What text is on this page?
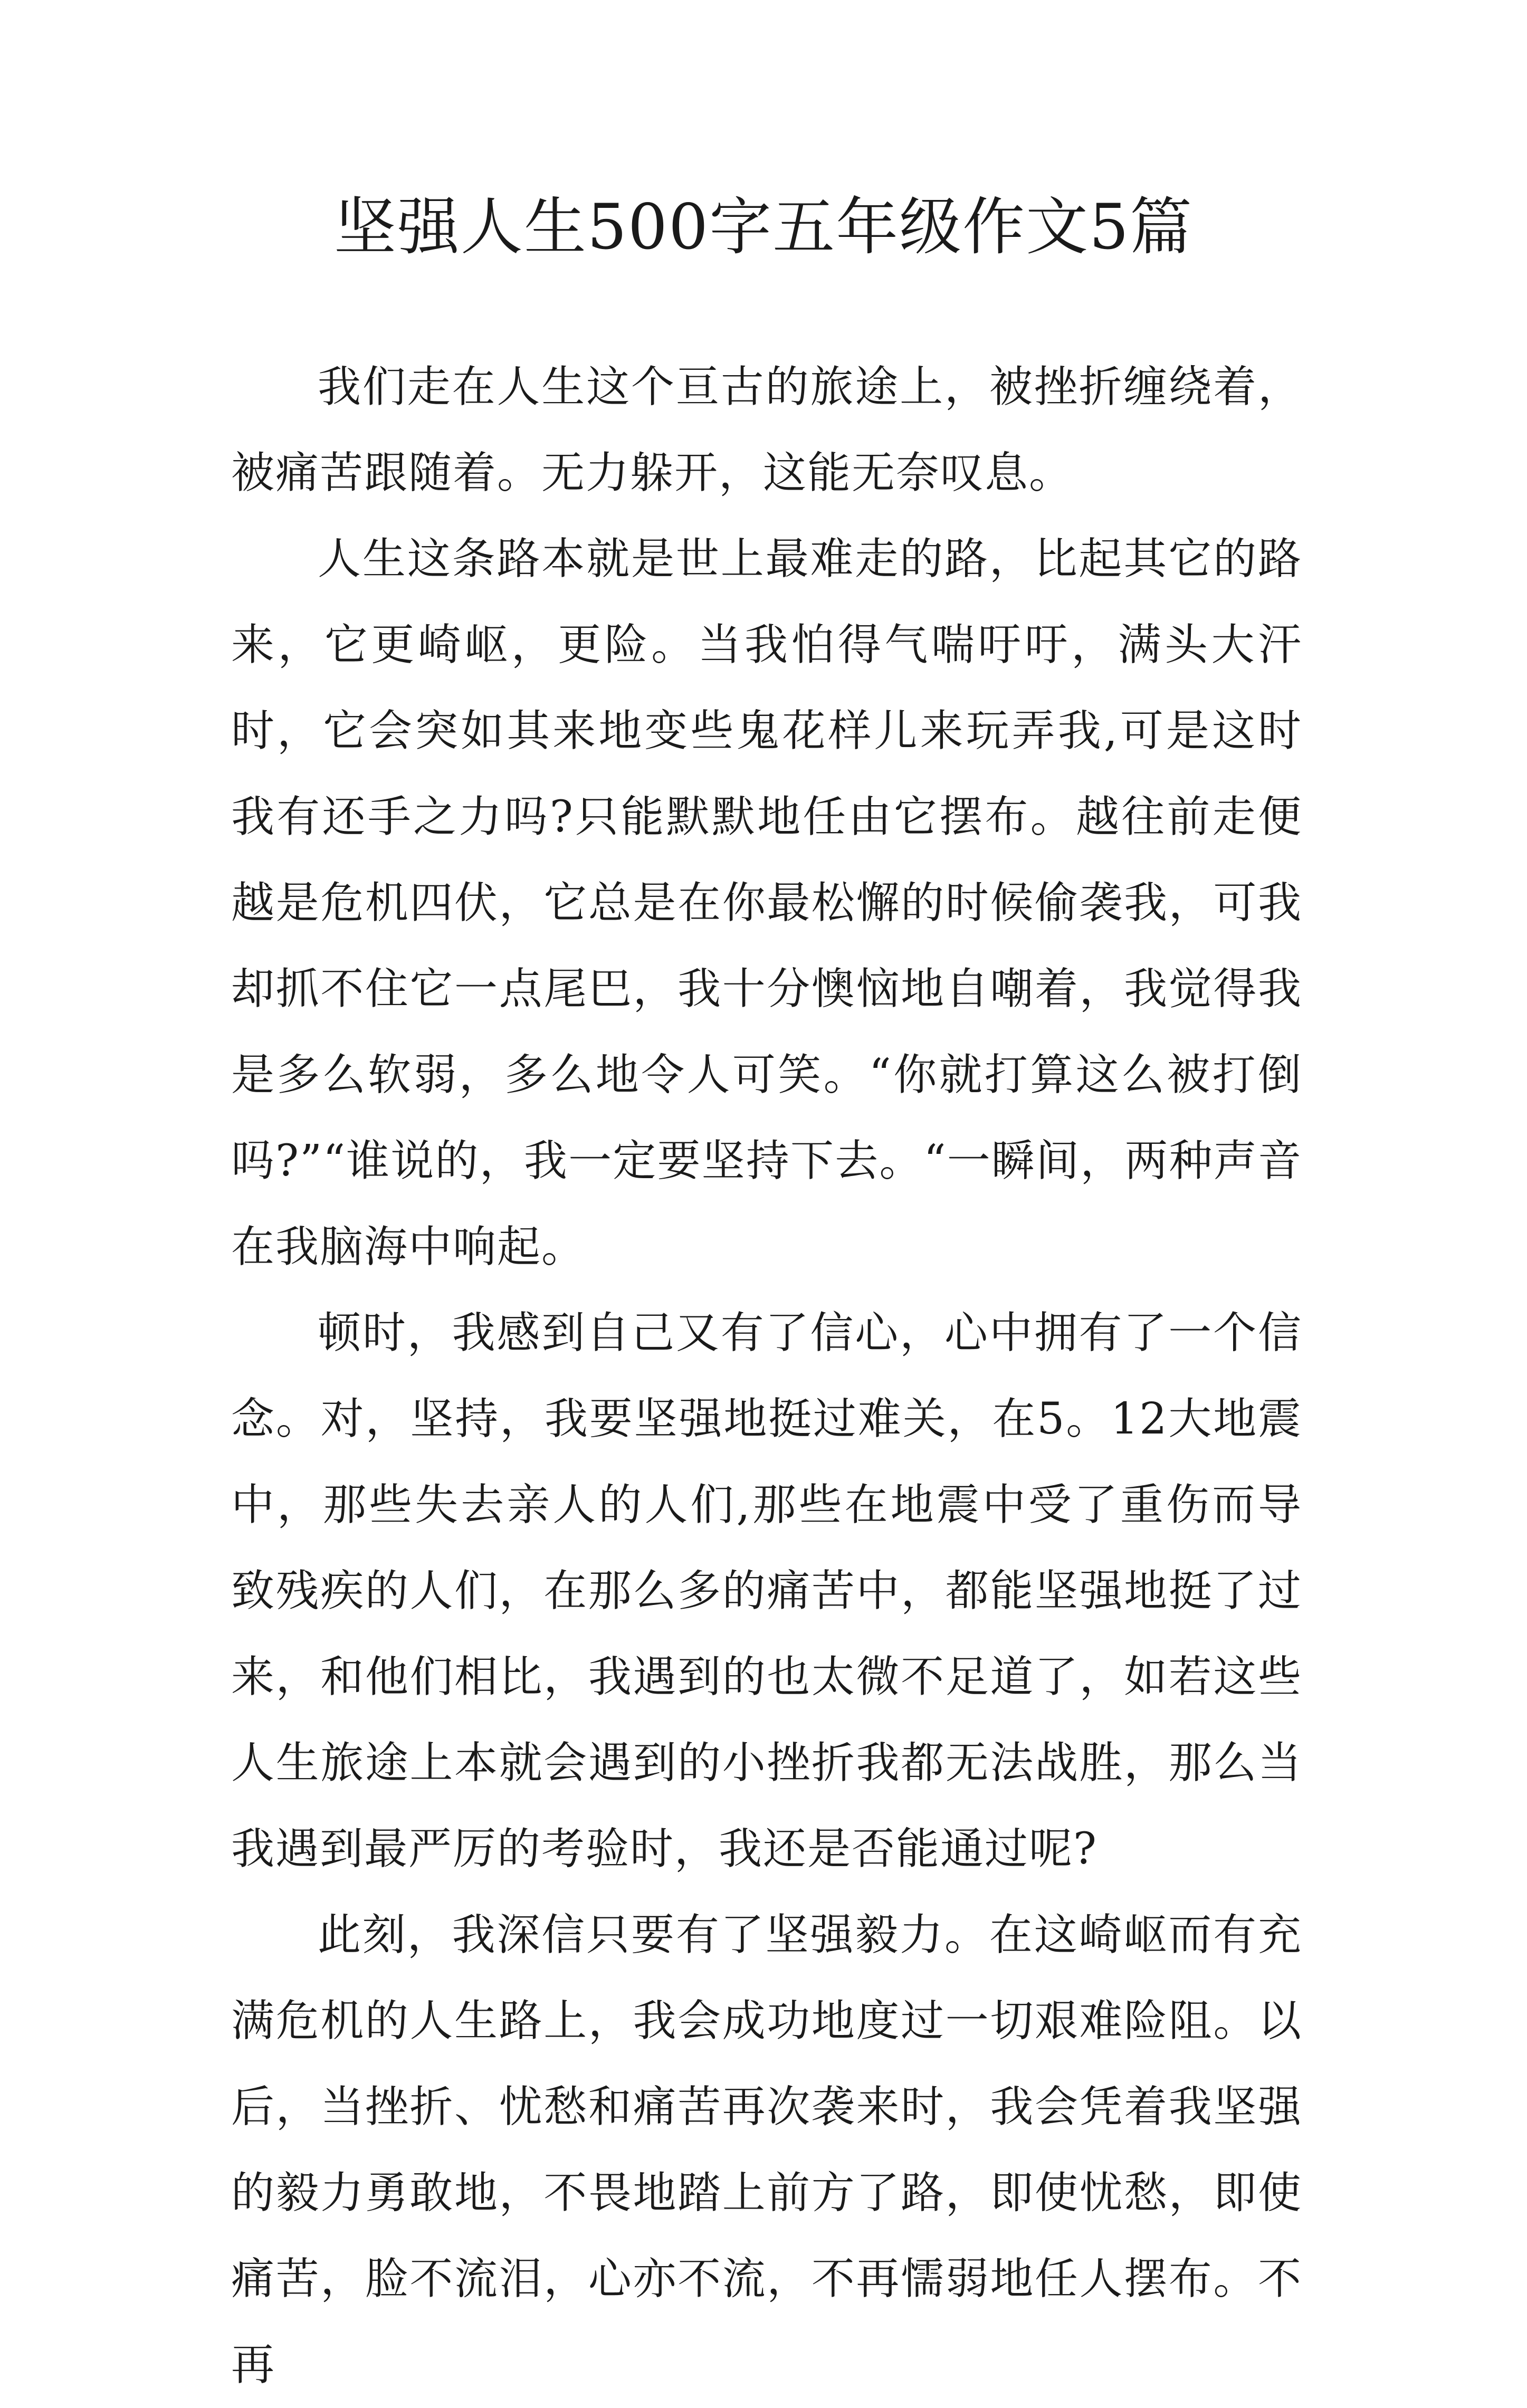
坚强人生500字五年级作文5篇

我们走在人生这个亘古的旅途上，被挫折缠绕着，被痛苦跟随着。无力躲开，这能无奈叹息。

人生这条路本就是世上最难走的路，比起其它的路来，它更崎岖，更险。当我怕得气喘吁吁，满头大汗时，它会突如其来地变些鬼花样儿来玩弄我,可是这时我有还手之力吗?只能默默地任由它摆布。越往前走便越是危机四伏，它总是在你最松懈的时候偷袭我，可我却抓不住它一点尾巴，我十分懊恼地自嘲着，我觉得我是多么软弱，多么地令人可笑。“你就打算这么被打倒吗?”“谁说的，我一定要坚持下去。“一瞬间，两种声音在我脑海中响起。

顿时，我感到自己又有了信心，心中拥有了一个信念。对，坚持，我要坚强地挺过难关，在5。12大地震中，那些失去亲人的人们,那些在地震中受了重伤而导致残疾的人们，在那么多的痛苦中，都能坚强地挺了过来，和他们相比，我遇到的也太微不足道了，如若这些人生旅途上本就会遇到的小挫折我都无法战胜，那么当我遇到最严厉的考验时，我还是否能通过呢?

此刻，我深信只要有了坚强毅力。在这崎岖而有充满危机的人生路上，我会成功地度过一切艰难险阻。以后，当挫折、忧愁和痛苦再次袭来时，我会凭着我坚强的毅力勇敢地，不畏地踏上前方了路，即使忧愁，即使痛苦，脸不流泪，心亦不流，不再懦弱地任人摆布。不再
